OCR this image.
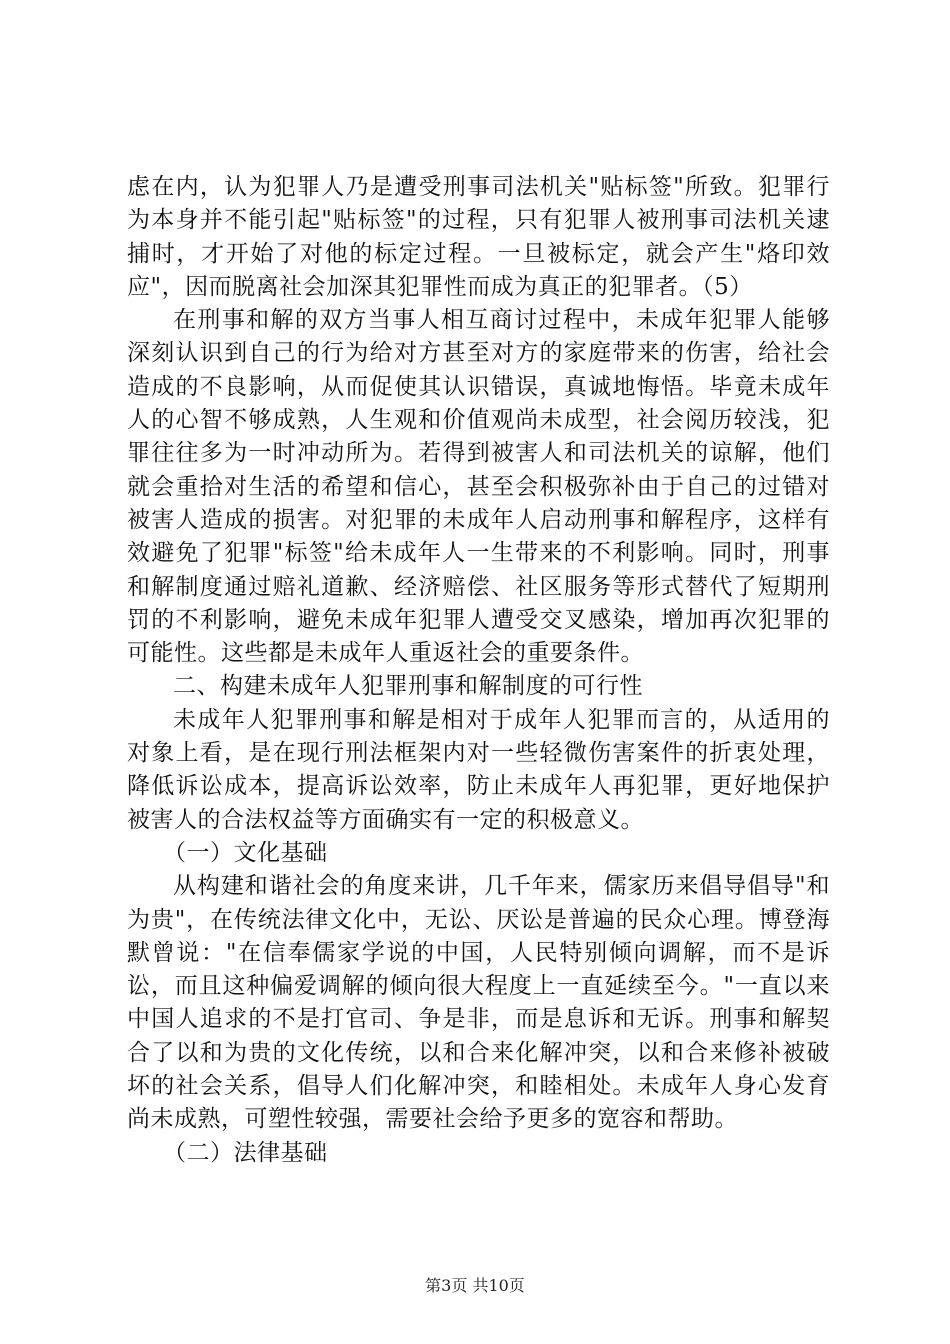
虑在内，认为犯罪人乃是遭受刑事司法机关"贴标签"所致。犯罪行为本身并不能引起"贴标签"的过程，只有犯罪人被刑事司法机关逮捕时，才开始了对他的标定过程。一旦被标定，就会产生"烙印效应"，因而脱离社会加深其犯罪性而成为真正的犯罪者。（5）

在刑事和解的双方当事人相互商讨过程中，未成年犯罪人能够深刻认识到自己的行为给对方甚至对方的家庭带来的伤害，给社会造成的不良影响，从而促使其认识错误，真诚地悔悟。毕竟未成年人的心智不够成熟，人生观和价值观尚未成型，社会阅历较浅，犯罪往往多为一时冲动所为。若得到被害人和司法机关的谅解，他们就会重拾对生活的希望和信心，甚至会积极弥补由于自己的过错对被害人造成的损害。对犯罪的未成年人启动刑事和解程序，这样有效避免了犯罪"标签"给未成年人一生带来的不利影响。同时，刑事和解制度通过赔礼道歉、经济赔偿、社区服务等形式替代了短期刑罚的不利影响，避免未成年犯罪人遭受交叉感染，增加再次犯罪的可能性。这些都是未成年人重返社会的重要条件。

二、构建未成年人犯罪刑事和解制度的可行性

未成年人犯罪刑事和解是相对于成年人犯罪而言的，从适用的对象上看，是在现行刑法框架内对一些轻微伤害案件的折衷处理，降低诉讼成本，提高诉讼效率，防止未成年人再犯罪，更好地保护被害人的合法权益等方面确实有一定的积极意义。

（一）文化基础

从构建和谐社会的角度来讲，几千年来，儒家历来倡导倡导"和为贵"，在传统法律文化中，无讼、厌讼是普遍的民众心理。博登海默曾说："在信奉儒家学说的中国，人民特别倾向调解，而不是诉讼，而且这种偏爱调解的倾向很大程度上一直延续至今。"一直以来中国人追求的不是打官司、争是非，而是息诉和无诉。刑事和解契合了以和为贵的文化传统，以和合来化解冲突，以和合来修补被破坏的社会关系，倡导人们化解冲突，和睦相处。未成年人身心发育尚未成熟，可塑性较强，需要社会给予更多的宽容和帮助。

（二）法律基础

第3页 共10页
